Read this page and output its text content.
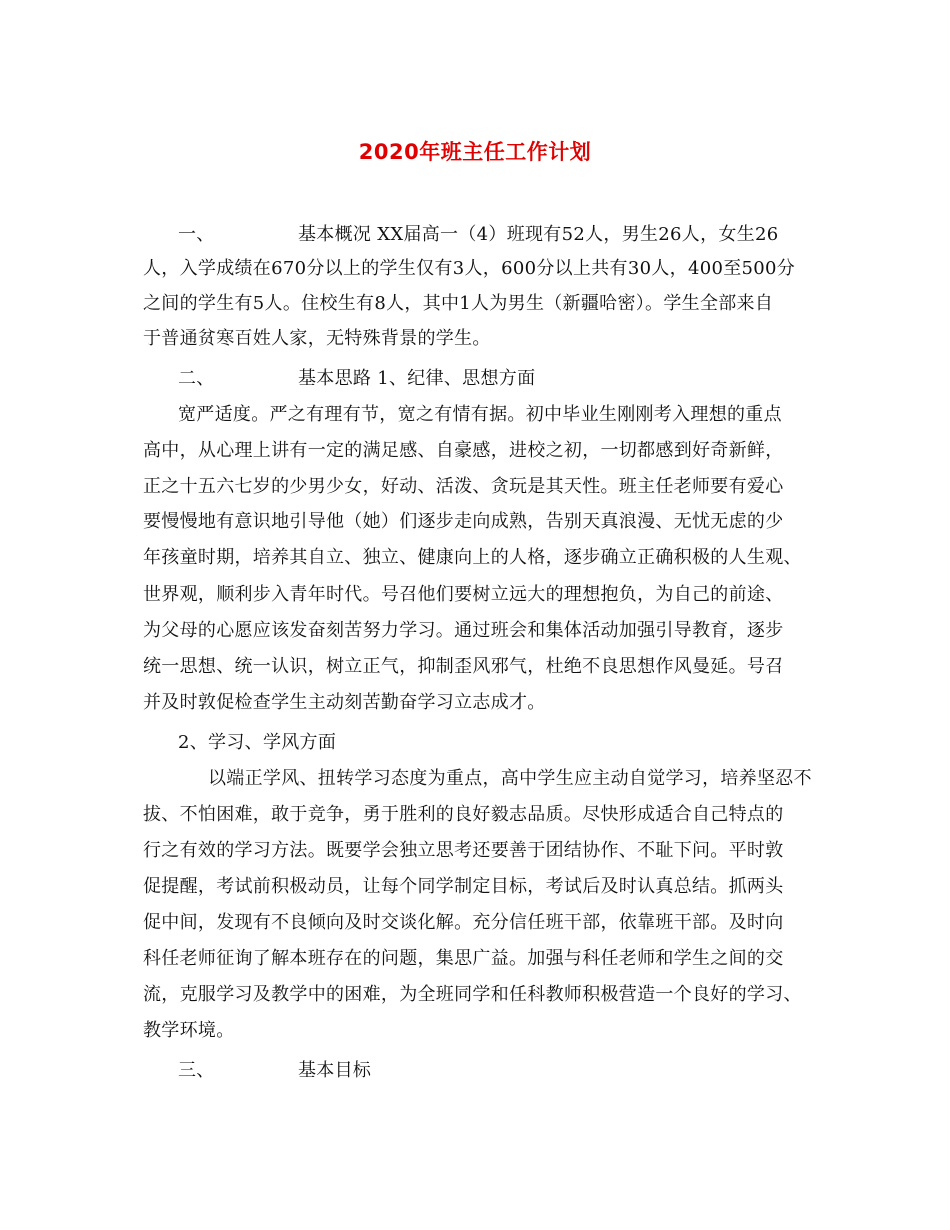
2020年班主任工作计划
一、	基本概况 XX届高一（4）班现有52人，男生26人，女生26
人，入学成绩在670分以上的学生仅有3人，600分以上共有30人，400至500分
之间的学生有5人。住校生有8人，其中1人为男生（新疆哈密）。学生全部来自
于普通贫寒百姓人家，无特殊背景的学生。
二、	基本思路 1、纪律、思想方面
宽严适度。严之有理有节，宽之有情有据。初中毕业生刚刚考入理想的重点
高中，从心理上讲有一定的满足感、自豪感，进校之初，一切都感到好奇新鲜，
正之十五六七岁的少男少女，好动、活泼、贪玩是其天性。班主任老师要有爱心
要慢慢地有意识地引导他（她）们逐步走向成熟，告别天真浪漫、无忧无虑的少
年孩童时期，培养其自立、独立、健康向上的人格，逐步确立正确积极的人生观、
世界观，顺利步入青年时代。号召他们要树立远大的理想抱负，为自己的前途、
为父母的心愿应该发奋刻苦努力学习。通过班会和集体活动加强引导教育，逐步
统一思想、统一认识，树立正气，抑制歪风邪气，杜绝不良思想作风曼延。号召
并及时敦促检查学生主动刻苦勤奋学习立志成才。
2、学习、学风方面
以端正学风、扭转学习态度为重点，高中学生应主动自觉学习，培养坚忍不
拔、不怕困难，敢于竞争，勇于胜利的良好毅志品质。尽快形成适合自己特点的
行之有效的学习方法。既要学会独立思考还要善于团结协作、不耻下问。平时敦
促提醒，考试前积极动员，让每个同学制定目标，考试后及时认真总结。抓两头
促中间，发现有不良倾向及时交谈化解。充分信任班干部，依靠班干部。及时向
科任老师征询了解本班存在的问题，集思广益。加强与科任老师和学生之间的交
流，克服学习及教学中的困难，为全班同学和任科教师积极营造一个良好的学习、
教学环境。
三、	基本目标
